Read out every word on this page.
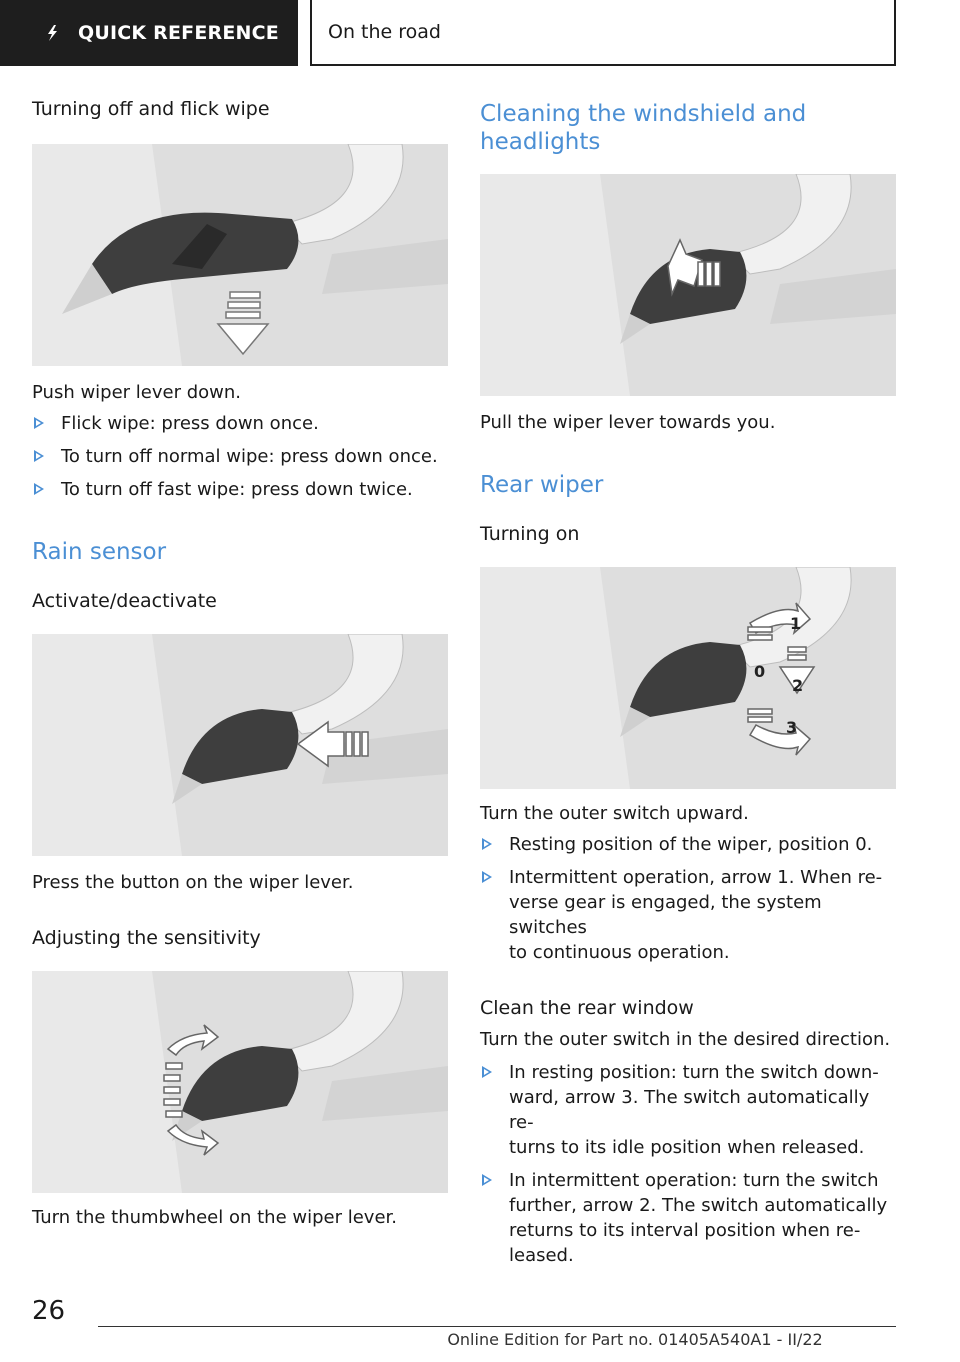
QUICK REFERENCE	On the road

Turning off and flick wipe

Push wiper lever down.

Flick wipe: press down once.
To turn off normal wipe: press down once.
To turn off fast wipe: press down twice.
Rain sensor

Activate/deactivate

Press the button on the wiper lever.

Adjusting the sensitivity

Turn the thumbwheel on the wiper lever.

Cleaning the windshield and
headlights

Pull the wiper lever towards you.

Rear wiper

Turning on

1
0
2
3

Turn the outer switch upward.

Resting position of the wiper, position 0.
Intermittent operation, arrow 1. When re-
verse gear is engaged, the system switches
to continuous operation.

Clean the rear window

Turn the outer switch in the desired direction.

In resting position: turn the switch down-
ward, arrow 3. The switch automatically re-
turns to its idle position when released.
In intermittent operation: turn the switch
further, arrow 2. The switch automatically
returns to its interval position when re-
leased.
26
Online Edition for Part no. 01405A540A1 - II/22
